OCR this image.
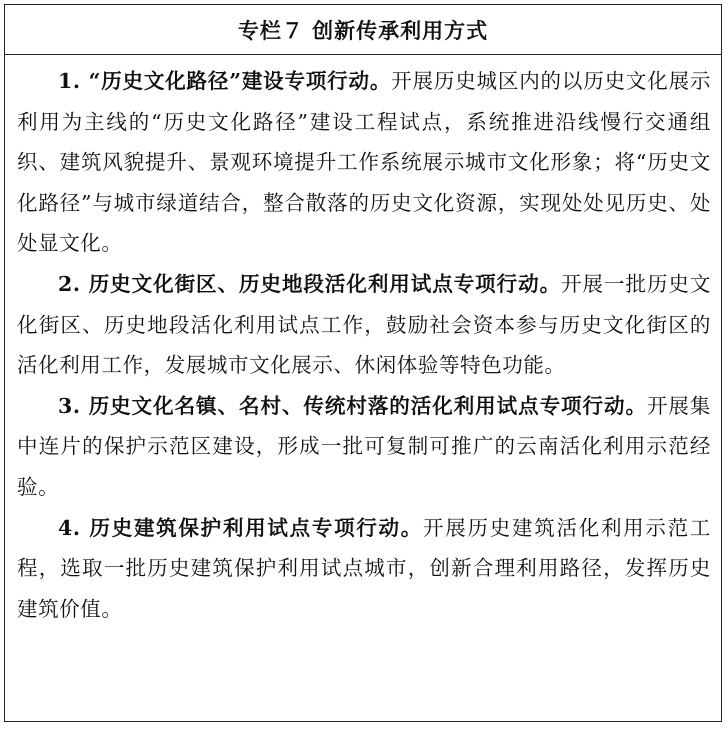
专栏７ 创新传承利用方式

1. “历史文化路径”建设专项行动。开展历史城区内的以历史文化展示利用为主线的“历史文化路径”建设工程试点，系统推进沿线慢行交通组织、建筑风貌提升、景观环境提升工作系统展示城市文化形象；将“历史文化路径”与城市绿道结合，整合散落的历史文化资源，实现处处见历史、处处显文化。

2. 历史文化街区、历史地段活化利用试点专项行动。开展一批历史文化街区、历史地段活化利用试点工作，鼓励社会资本参与历史文化街区的活化利用工作，发展城市文化展示、休闲体验等特色功能。

3. 历史文化名镇、名村、传统村落的活化利用试点专项行动。开展集中连片的保护示范区建设，形成一批可复制可推广的云南活化利用示范经验。

4. 历史建筑保护利用试点专项行动。开展历史建筑活化利用示范工程，选取一批历史建筑保护利用试点城市，创新合理利用路径，发挥历史建筑价值。
